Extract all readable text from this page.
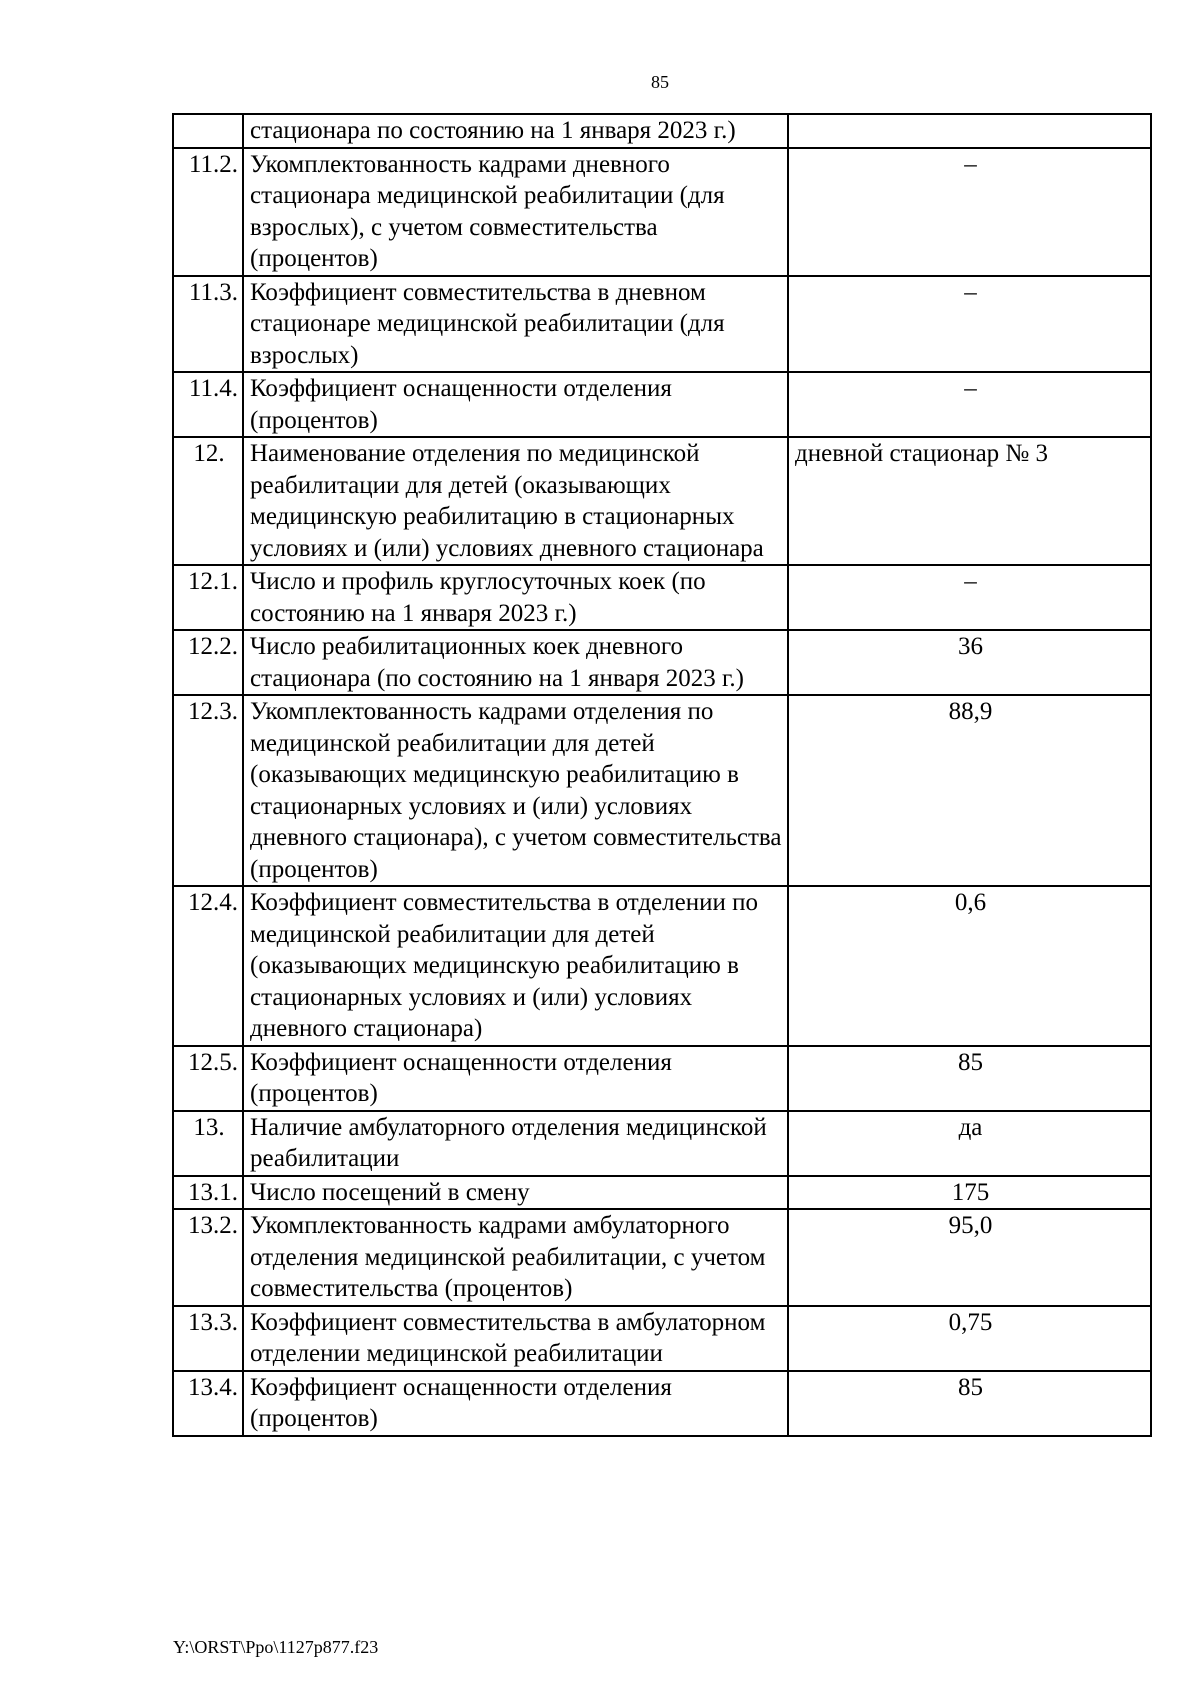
85
	стационара по состоянию на 1 января 2023 г.)	
11.2.	Укомплектованность кадрами дневного стационара медицинской реабилитации (для взрослых), с учетом совместительства (процентов)	–
11.3.	Коэффициент совместительства в дневном стационаре медицинской реабилитации (для взрослых)	–
11.4.	Коэффициент оснащенности отделения (процентов)	–
12.	Наименование отделения по медицинской реабилитации для детей (оказывающих медицинскую реабилитацию в стационарных условиях и (или) условиях дневного стационара	дневной стационар № 3
12.1.	Число и профиль круглосуточных коек (по состоянию на 1 января 2023 г.)	–
12.2.	Число реабилитационных коек дневного стационара (по состоянию на 1 января 2023 г.)	36
12.3.	Укомплектованность кадрами отделения по медицинской реабилитации для детей (оказывающих медицинскую реабилитацию в стационарных условиях и (или) условиях дневного стационара), с учетом совместительства (процентов)	88,9
12.4.	Коэффициент совместительства в отделении по медицинской реабилитации для детей (оказывающих медицинскую реабилитацию в стационарных условиях и (или) условиях дневного стационара)	0,6
12.5.	Коэффициент оснащенности отделения (процентов)	85
13.	Наличие амбулаторного отделения медицинской реабилитации	да
13.1.	Число посещений в смену	175
13.2.	Укомплектованность кадрами амбулаторного отделения медицинской реабилитации, с учетом совместительства (процентов)	95,0
13.3.	Коэффициент совместительства в амбулаторном отделении медицинской реабилитации	0,75
13.4.	Коэффициент оснащенности отделения (процентов)	85
Y:\ORST\Ppo\1127p877.f23
